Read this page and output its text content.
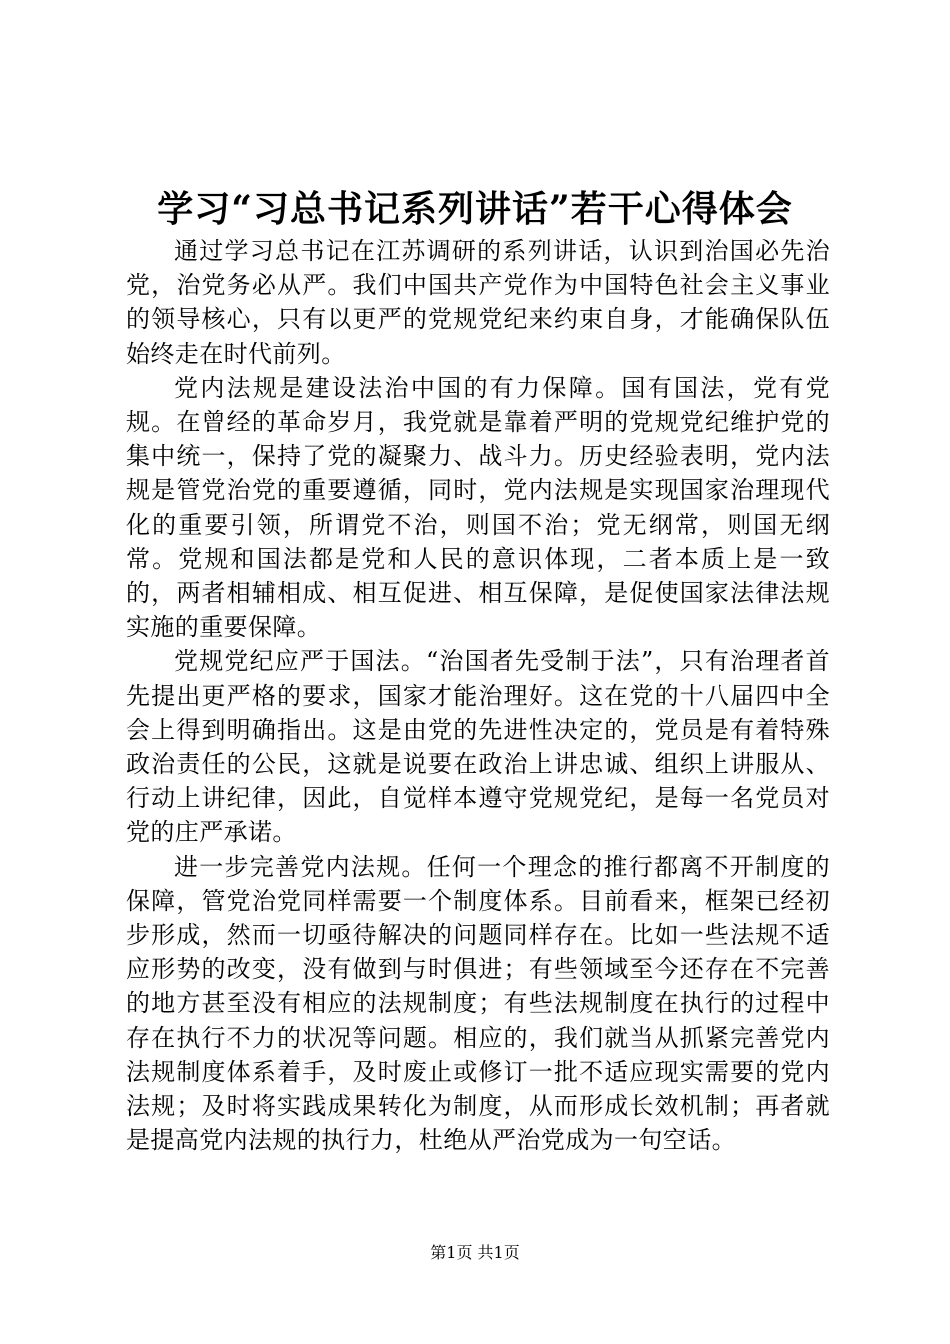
学习“习总书记系列讲话”若干心得体会

通过学习总书记在江苏调研的系列讲话，认识到治国必先治党，治党务必从严。我们中国共产党作为中国特色社会主义事业的领导核心，只有以更严的党规党纪来约束自身，才能确保队伍始终走在时代前列。

党内法规是建设法治中国的有力保障。国有国法，党有党规。在曾经的革命岁月，我党就是靠着严明的党规党纪维护党的集中统一，保持了党的凝聚力、战斗力。历史经验表明，党内法规是管党治党的重要遵循，同时，党内法规是实现国家治理现代化的重要引领，所谓党不治，则国不治；党无纲常，则国无纲常。党规和国法都是党和人民的意识体现，二者本质上是一致的，两者相辅相成、相互促进、相互保障，是促使国家法律法规实施的重要保障。

党规党纪应严于国法。“治国者先受制于法”，只有治理者首先提出更严格的要求，国家才能治理好。这在党的十八届四中全会上得到明确指出。这是由党的先进性决定的，党员是有着特殊政治责任的公民，这就是说要在政治上讲忠诚、组织上讲服从、行动上讲纪律，因此，自觉样本遵守党规党纪，是每一名党员对党的庄严承诺。

进一步完善党内法规。任何一个理念的推行都离不开制度的保障，管党治党同样需要一个制度体系。目前看来，框架已经初步形成，然而一切亟待解决的问题同样存在。比如一些法规不适应形势的改变，没有做到与时俱进；有些领域至今还存在不完善的地方甚至没有相应的法规制度；有些法规制度在执行的过程中存在执行不力的状况等问题。相应的，我们就当从抓紧完善党内法规制度体系着手，及时废止或修订一批不适应现实需要的党内法规；及时将实践成果转化为制度，从而形成长效机制；再者就是提高党内法规的执行力，杜绝从严治党成为一句空话。

第1页 共1页
